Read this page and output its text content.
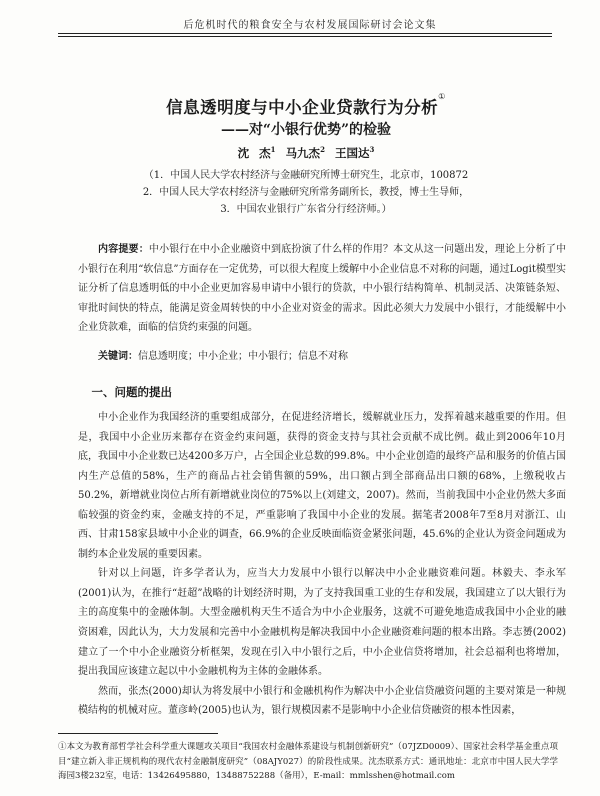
后危机时代的粮食安全与农村发展国际研讨会论文集
信息透明度与中小企业贷款行为分析①
——对“小银行优势”的检验
沈 杰$^1$ 马九杰$^2$ 王国达$^3$
（1．中国人民大学农村经济与金融研究所博士研究生，北京市，100872
2．中国人民大学农村经济与金融研究所常务副所长，教授，博士生导师，
3．中国农业银行广东省分行经济师。）
内容提要：中小银行在中小企业融资中到底扮演了什么样的作用？本文从这一问题出发，理论上分析了中小银行在利用“软信息”方面存在一定优势，可以很大程度上缓解中小企业信息不对称的问题，通过Logit模型实证分析了信息透明低的中小企业更加容易申请中小银行的贷款，中小银行结构简单、机制灵活、决策链条短、审批时间快的特点，能满足资金周转快的中小企业对资金的需求。因此必须大力发展中小银行，才能缓解中小企业贷款难，面临的信贷约束强的问题。
关键词：信息透明度；中小企业；中小银行；信息不对称
一、问题的提出

中小企业作为我国经济的重要组成部分，在促进经济增长，缓解就业压力，发挥着越来越重要的作用。但是，我国中小企业历来都存在资金约束问题，获得的资金支持与其社会贡献不成比例。截止到2006年10月底，我国中小企业数已达4200多万户，占全国企业总数的99.8%。中小企业创造的最终产品和服务的价值占国内生产总值的58%，生产的商品占社会销售额的59%，出口额占到全部商品出口额的68%，上缴税收占50.2%，新增就业岗位占所有新增就业岗位的75%以上(刘建文，2007)。然而，当前我国中小企业仍然大多面临较强的资金约束，金融支持的不足，严重影响了我国中小企业的发展。据笔者2008年7至8月对浙江、山西、甘肃158家县域中小企业的调查，66.9%的企业反映面临资金紧张问题，45.6%的企业认为资金问题成为制约本企业发展的重要因素。

针对以上问题，许多学者认为，应当大力发展中小银行以解决中小企业融资难问题。林毅夫、李永军(2001)认为，在推行“赶超”战略的计划经济时期，为了支持我国重工业的生存和发展，我国建立了以大银行为主的高度集中的金融体制。大型金融机构天生不适合为中小企业服务，这就不可避免地造成我国中小企业的融资困难，因此认为，大力发展和完善中小金融机构是解决我国中小企业融资难问题的根本出路。李志赟(2002)建立了一个中小企业融资分析框架，发现在引入中小银行之后，中小企业信贷将增加，社会总福利也将增加，提出我国应该建立起以中小金融机构为主体的金融体系。

然而，张杰(2000)却认为将发展中小银行和金融机构作为解决中小企业信贷融资问题的主要对策是一种规模结构的机械对应。董彦岭(2005)也认为，银行规模因素不是影响中小企业信贷融资的根本性因素，

①本文为教育部哲学社会科学重大课题攻关项目“我国农村金融体系建设与机制创新研究”（07JZD0009）、国家社会科学基金重点项目“建立新入非正规机构的现代农村金融制度研究”（08AJY027）的阶段性成果。沈杰联系方式：通讯地址：北京市中国人民大学学海园3楼232室，电话：13426495880，13488752288（备用），E-mail：mmlsshen@hotmail.com
